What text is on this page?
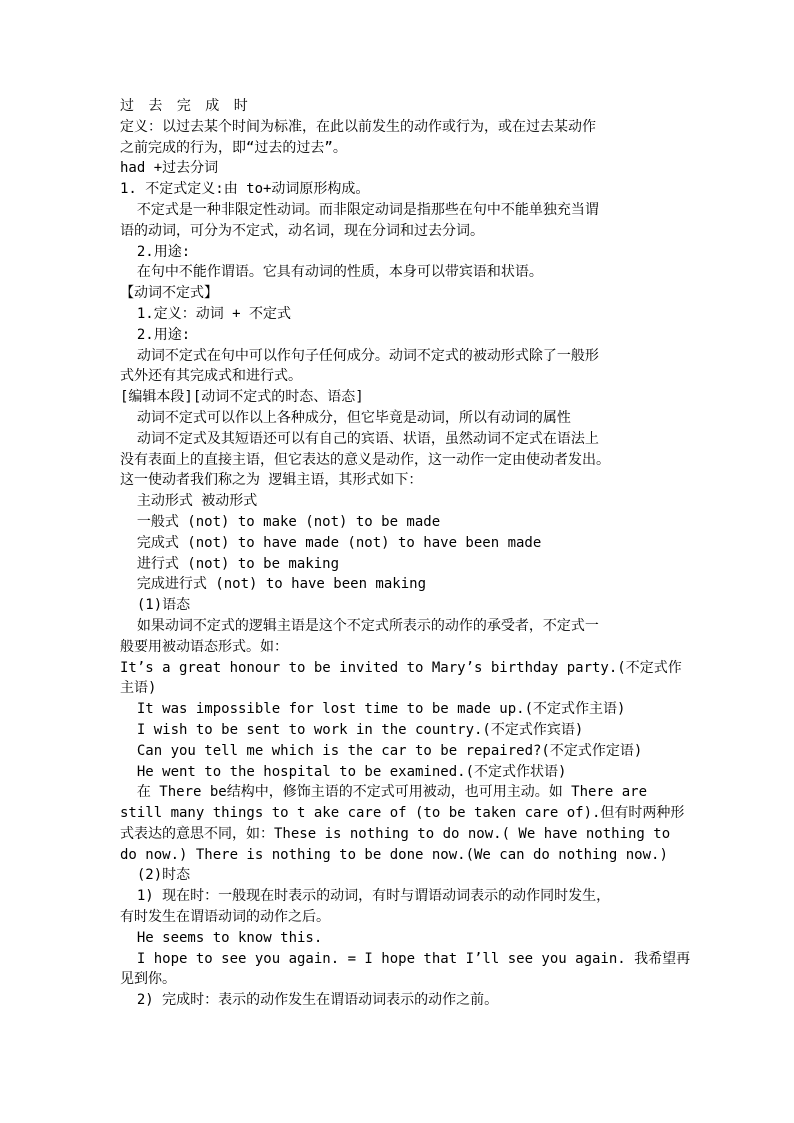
过 去 完 成 时
定义：以过去某个时间为标准，在此以前发生的动作或行为，或在过去某动作
之前完成的行为，即“过去的过去”。
had +过去分词
1. 不定式定义:由 to+动词原形构成。
不定式是一种非限定性动词。而非限定动词是指那些在句中不能单独充当谓
语的动词，可分为不定式，动名词，现在分词和过去分词。
2.用途:
在句中不能作谓语。它具有动词的性质，本身可以带宾语和状语。
【动词不定式】
1.定义：动词 + 不定式
2.用途:
动词不定式在句中可以作句子任何成分。动词不定式的被动形式除了一般形
式外还有其完成式和进行式。
[编辑本段][动词不定式的时态、语态]
动词不定式可以作以上各种成分，但它毕竟是动词，所以有动词的属性
动词不定式及其短语还可以有自己的宾语、状语，虽然动词不定式在语法上
没有表面上的直接主语，但它表达的意义是动作，这一动作一定由使动者发出。
这一使动者我们称之为 逻辑主语，其形式如下：
主动形式 被动形式
一般式 (not) to make (not) to be made
完成式 (not) to have made (not) to have been made
进行式 (not) to be making
完成进行式 (not) to have been making
(1)语态
如果动词不定式的逻辑主语是这个不定式所表示的动作的承受者，不定式一
般要用被动语态形式。如：
It’s a great honour to be invited to Mary’s birthday party.(不定式作
主语)
It was impossible for lost time to be made up.(不定式作主语)
I wish to be sent to work in the country.(不定式作宾语)
Can you tell me which is the car to be repaired?(不定式作定语)
He went to the hospital to be examined.(不定式作状语)
在 There be结构中，修饰主语的不定式可用被动，也可用主动。如 There are
still many things to t ake care of (to be taken care of).但有时两种形
式表达的意思不同，如：These is nothing to do now.( We have nothing to
do now.) There is nothing to be done now.(We can do nothing now.)
(2)时态
1) 现在时：一般现在时表示的动词，有时与谓语动词表示的动作同时发生，
有时发生在谓语动词的动作之后。
He seems to know this.
I hope to see you again. = I hope that I’ll see you again. 我希望再
见到你。
2) 完成时：表示的动作发生在谓语动词表示的动作之前。
